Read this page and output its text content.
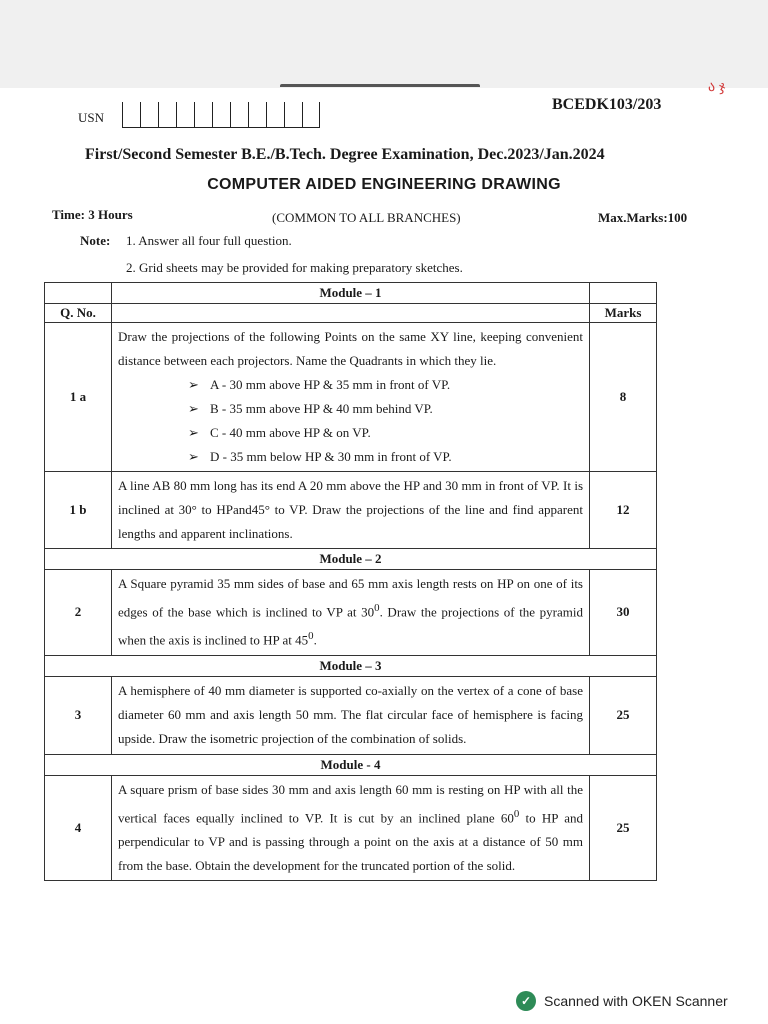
ა ჯ
USN
BCEDK103/203
First/Second Semester B.E./B.Tech. Degree Examination, Dec.2023/Jan.2024
COMPUTER AIDED ENGINEERING DRAWING
Time: 3 Hours	(COMMON TO ALL BRANCHES)	Max.Marks:100
Note: 1. Answer all four full question.
2. Grid sheets may be provided for making preparatory sketches.
	Module – 1	
Q. No.		Marks
1 a	Draw the projections of the following Points on the same XY line, keeping convenient distance between each projectors. Name the Quadrants in which they lie.
➢ A - 30 mm above HP & 35 mm in front of VP.
➢ B - 35 mm above HP & 40 mm behind VP.
➢ C - 40 mm above HP & on VP.
➢ D - 35 mm below HP & 30 mm in front of VP.	8
1 b	A line AB 80 mm long has its end A 20 mm above the HP and 30 mm in front of VP. It is inclined at 30° to HPand45° to VP. Draw the projections of the line and find apparent lengths and apparent inclinations.	12
Module – 2		
2	A Square pyramid 35 mm sides of base and 65 mm axis length rests on HP on one of its edges of the base which is inclined to VP at $30^0$. Draw the projections of the pyramid when the axis is inclined to HP at $45^0$.	30
Module – 3		
3	A hemisphere of 40 mm diameter is supported co-axially on the vertex of a cone of base diameter 60 mm and axis length 50 mm. The flat circular face of hemisphere is facing upside. Draw the isometric projection of the combination of solids.	25
Module - 4		
4	A square prism of base sides 30 mm and axis length 60 mm is resting on HP with all the vertical faces equally inclined to VP. It is cut by an inclined plane $60^0$ to HP and perpendicular to VP and is passing through a point on the axis at a distance of 50 mm from the base. Obtain the development for the truncated portion of the solid.	25
✓ Scanned with OKEN Scanner
